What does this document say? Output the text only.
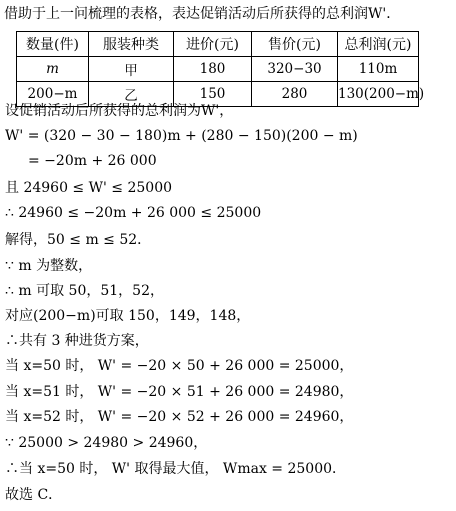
借助于上一问梳理的表格，表达促销活动后所获得的总利润W'．
数量(件)	服装种类	进价(元)	售价(元)	总利润(元)
m	甲	180	320−30	110m
200−m	乙	150	280	130(200−m)
设促销活动后所获得的总利润为W'，
W' = (320 − 30 − 180)m + (280 − 150)(200 − m)
= −20m + 26 000
且 24960 ≤ W' ≤ 25000
∴ 24960 ≤ −20m + 26 000 ≤ 25000
解得，50 ≤ m ≤ 52．
∵ m 为整数，
∴ m 可取 50，51，52，
对应(200−m)可取 150，149，148，
∴共有 3 种进货方案，
当 x=50 时， W' = −20 × 50 + 26 000 = 25000，
当 x=51 时， W' = −20 × 51 + 26 000 = 24980，
当 x=52 时， W' = −20 × 52 + 26 000 = 24960，
∵ 25000 > 24980 > 24960，
∴当 x=50 时， W' 取得最大值， Wmax = 25000．
故选 C．
